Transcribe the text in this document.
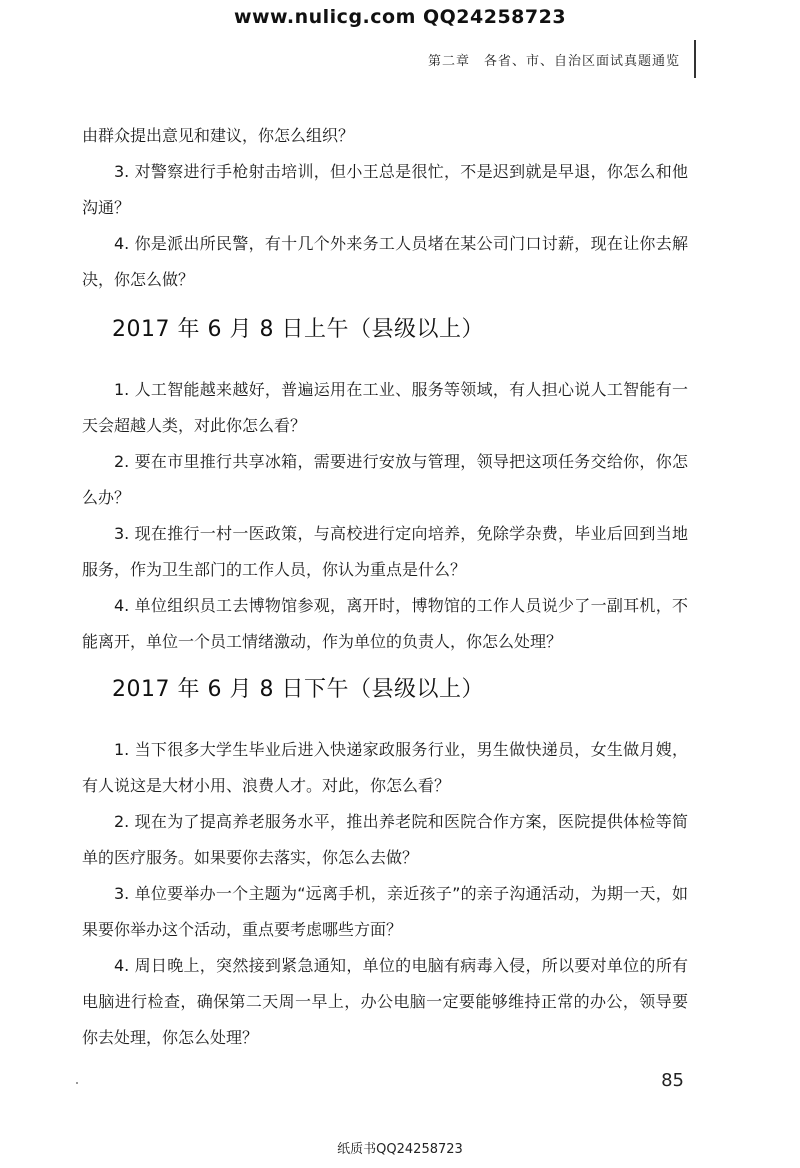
www.nulicg.com QQ24258723
第二章　各省、市、自治区面试真题通览
由群众提出意见和建议，你怎么组织？
3. 对警察进行手枪射击培训，但小王总是很忙，不是迟到就是早退，你怎么和他沟通？
4. 你是派出所民警，有十几个外来务工人员堵在某公司门口讨薪，现在让你去解决，你怎么做？
2017 年 6 月 8 日上午（县级以上）
1. 人工智能越来越好，普遍运用在工业、服务等领域，有人担心说人工智能有一天会超越人类，对此你怎么看？
2. 要在市里推行共享冰箱，需要进行安放与管理，领导把这项任务交给你，你怎么办？
3. 现在推行一村一医政策，与高校进行定向培养，免除学杂费，毕业后回到当地服务，作为卫生部门的工作人员，你认为重点是什么？
4. 单位组织员工去博物馆参观，离开时，博物馆的工作人员说少了一副耳机，不能离开，单位一个员工情绪激动，作为单位的负责人，你怎么处理？
2017 年 6 月 8 日下午（县级以上）
1. 当下很多大学生毕业后进入快递家政服务行业，男生做快递员，女生做月嫂，有人说这是大材小用、浪费人才。对此，你怎么看？
2. 现在为了提高养老服务水平，推出养老院和医院合作方案，医院提供体检等简单的医疗服务。如果要你去落实，你怎么去做？
3. 单位要举办一个主题为“远离手机，亲近孩子”的亲子沟通活动，为期一天，如果要你举办这个活动，重点要考虑哪些方面？
4. 周日晚上，突然接到紧急通知，单位的电脑有病毒入侵，所以要对单位的所有电脑进行检查，确保第二天周一早上，办公电脑一定要能够维持正常的办公，领导要你去处理，你怎么处理？
85
纸质书QQ24258723
